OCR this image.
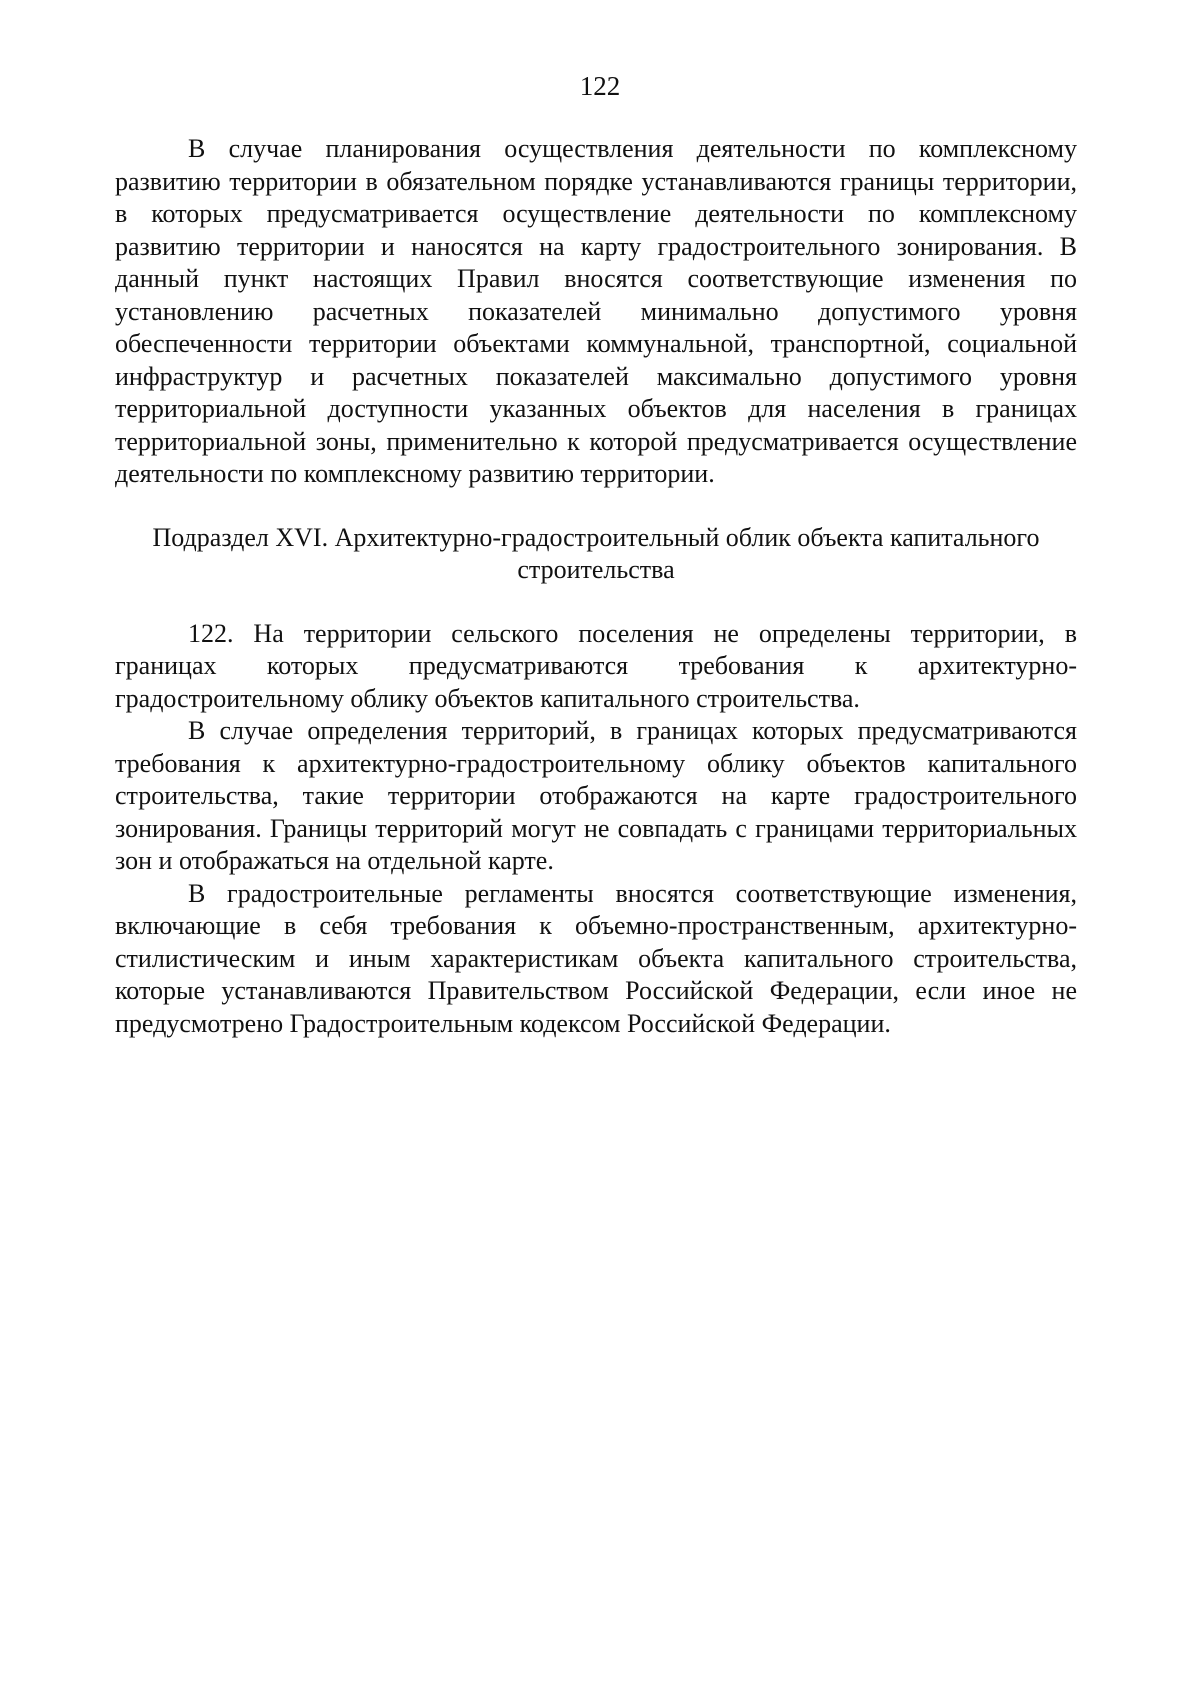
122

В случае планирования осуществления деятельности по комплексному развитию территории в обязательном порядке устанавливаются границы территории, в которых предусматривается осуществление деятельности по комплексному развитию территории и наносятся на карту градостроительного зонирования. В данный пункт настоящих Правил вносятся соответствующие изменения по установлению расчетных показателей минимально допустимого уровня обеспеченности территории объектами коммунальной, транспортной, социальной инфраструктур и расчетных показателей максимально допустимого уровня территориальной доступности указанных объектов для населения в границах территориальной зоны, применительно к которой предусматривается осуществление деятельности по комплексному развитию территории.

Подраздел XVI. Архитектурно-градостроительный облик объекта капитального строительства

122. На территории сельского поселения не определены территории, в границах которых предусматриваются требования к архитектурно-градостроительному облику объектов капитального строительства.

В случае определения территорий, в границах которых предусматриваются требования к архитектурно-градостроительному облику объектов капитального строительства, такие территории отображаются на карте градостроительного зонирования. Границы территорий могут не совпадать с границами территориальных зон и отображаться на отдельной карте.

В градостроительные регламенты вносятся соответствующие изменения, включающие в себя требования к объемно-пространственным, архитектурно-стилистическим и иным характеристикам объекта капитального строительства, которые устанавливаются Правительством Российской Федерации, если иное не предусмотрено Градостроительным кодексом Российской Федерации.
